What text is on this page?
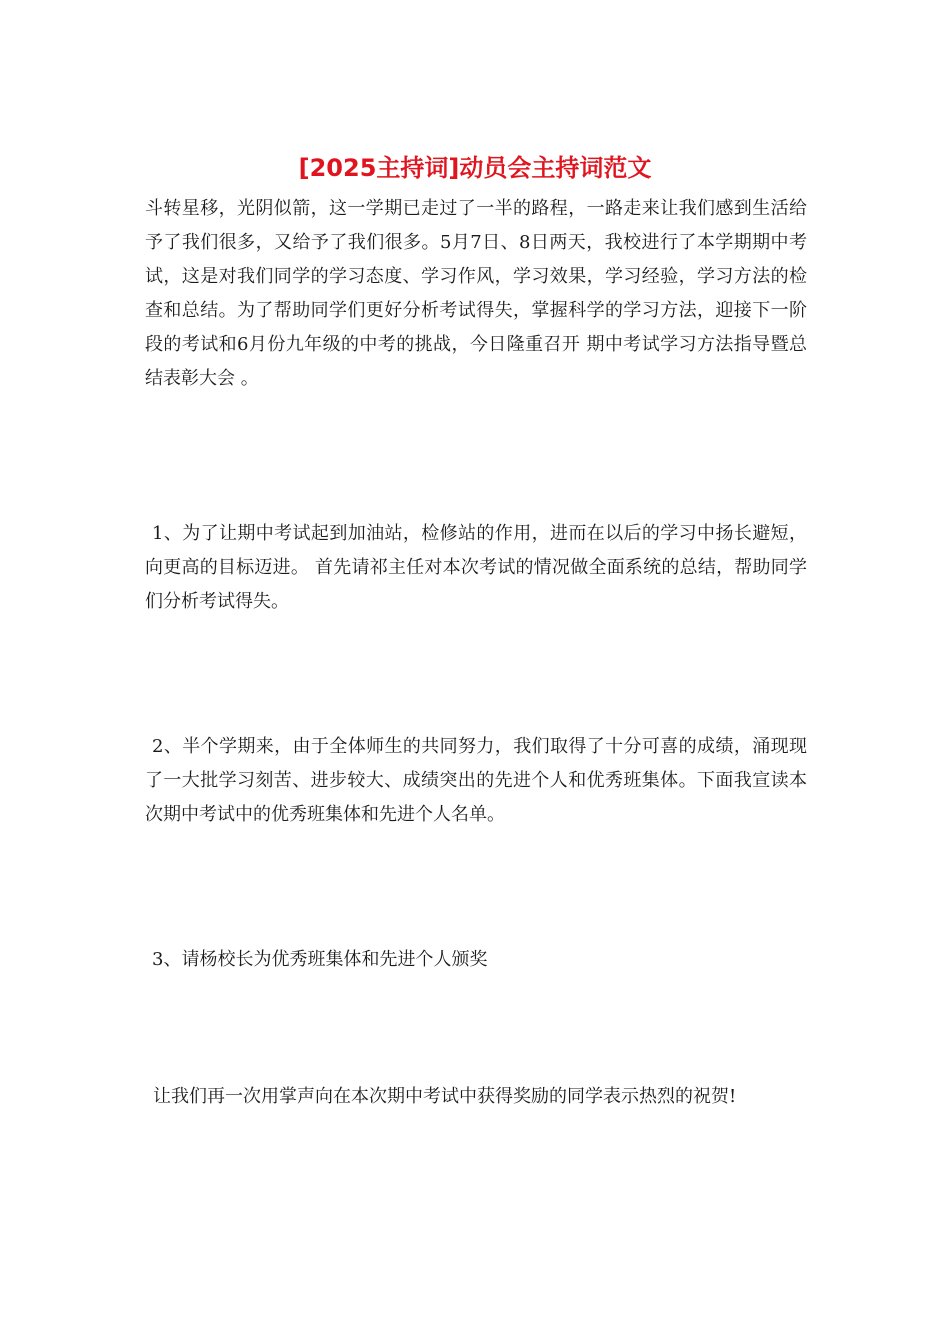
[2025主持词]动员会主持词范文

斗转星移，光阴似箭，这一学期已走过了一半的路程，一路走来让我们感到生活给予了我们很多，又给予了我们很多。5月7日、8日两天，我校进行了本学期期中考试，这是对我们同学的学习态度、学习作风，学习效果，学习经验，学习方法的检查和总结。为了帮助同学们更好分析考试得失，掌握科学的学习方法，迎接下一阶段的考试和6月份九年级的中考的挑战，今日隆重召开 期中考试学习方法指导暨总结表彰大会 。

1、为了让期中考试起到加油站，检修站的作用，进而在以后的学习中扬长避短，向更高的目标迈进。 首先请祁主任对本次考试的情况做全面系统的总结，帮助同学们分析考试得失。

2、半个学期来，由于全体师生的共同努力，我们取得了十分可喜的成绩，涌现现了一大批学习刻苦、进步较大、成绩突出的先进个人和优秀班集体。下面我宣读本次期中考试中的优秀班集体和先进个人名单。

3、请杨校长为优秀班集体和先进个人颁奖

让我们再一次用掌声向在本次期中考试中获得奖励的同学表示热烈的祝贺!
